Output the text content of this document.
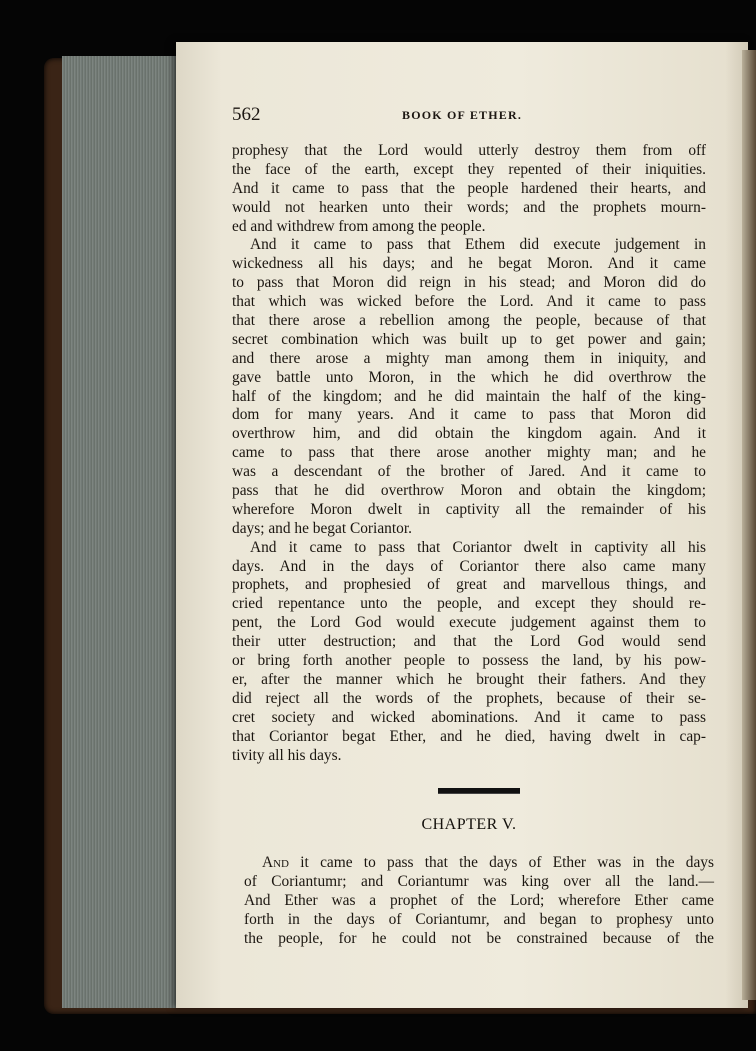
562	BOOK OF ETHER.
prophesy that the Lord would utterly destroy them from off
the face of the earth, except they repented of their iniquities.
And it came to pass that the people hardened their hearts, and
would not hearken unto their words; and the prophets mourn-
ed and withdrew from among the people.
And it came to pass that Ethem did execute judgement in
wickedness all his days; and he begat Moron. And it came
to pass that Moron did reign in his stead; and Moron did do
that which was wicked before the Lord. And it came to pass
that there arose a rebellion among the people, because of that
secret combination which was built up to get power and gain;
and there arose a mighty man among them in iniquity, and
gave battle unto Moron, in the which he did overthrow the
half of the kingdom; and he did maintain the half of the king-
dom for many years. And it came to pass that Moron did
overthrow him, and did obtain the kingdom again. And it
came to pass that there arose another mighty man; and he
was a descendant of the brother of Jared. And it came to
pass that he did overthrow Moron and obtain the kingdom;
wherefore Moron dwelt in captivity all the remainder of his
days; and he begat Coriantor.
And it came to pass that Coriantor dwelt in captivity all his
days. And in the days of Coriantor there also came many
prophets, and prophesied of great and marvellous things, and
cried repentance unto the people, and except they should re-
pent, the Lord God would execute judgement against them to
their utter destruction; and that the Lord God would send
or bring forth another people to possess the land, by his pow-
er, after the manner which he brought their fathers. And they
did reject all the words of the prophets, because of their se-
cret society and wicked abominations. And it came to pass
that Coriantor begat Ether, and he died, having dwelt in cap-
tivity all his days.
CHAPTER V.
And it came to pass that the days of Ether was in the days
of Coriantumr; and Coriantumr was king over all the land.—
And Ether was a prophet of the Lord; wherefore Ether came
forth in the days of Coriantumr, and began to prophesy unto
the people, for he could not be constrained because of the
